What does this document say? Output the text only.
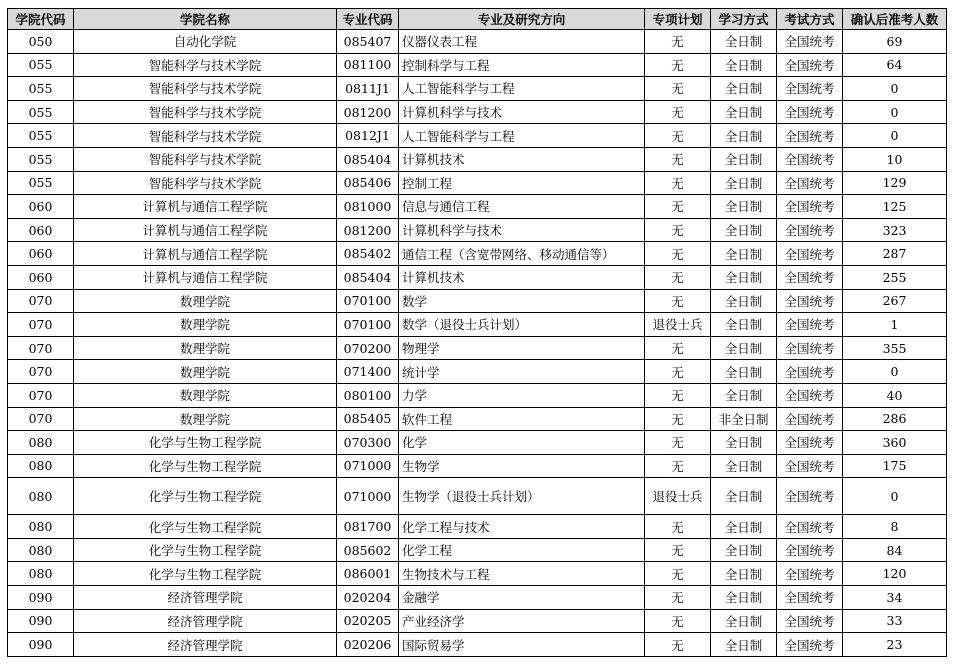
学院代码	学院名称	专业代码	专业及研究方向	专项计划	学习方式	考试方式	确认后准考人数
050	自动化学院	085407	仪器仪表工程	无	全日制	全国统考	69
055	智能科学与技术学院	081100	控制科学与工程	无	全日制	全国统考	64
055	智能科学与技术学院	0811J1	人工智能科学与工程	无	全日制	全国统考	0
055	智能科学与技术学院	081200	计算机科学与技术	无	全日制	全国统考	0
055	智能科学与技术学院	0812J1	人工智能科学与工程	无	全日制	全国统考	0
055	智能科学与技术学院	085404	计算机技术	无	全日制	全国统考	10
055	智能科学与技术学院	085406	控制工程	无	全日制	全国统考	129
060	计算机与通信工程学院	081000	信息与通信工程	无	全日制	全国统考	125
060	计算机与通信工程学院	081200	计算机科学与技术	无	全日制	全国统考	323
060	计算机与通信工程学院	085402	通信工程（含宽带网络、移动通信等）	无	全日制	全国统考	287
060	计算机与通信工程学院	085404	计算机技术	无	全日制	全国统考	255
070	数理学院	070100	数学	无	全日制	全国统考	267
070	数理学院	070100	数学（退役士兵计划）	退役士兵	全日制	全国统考	1
070	数理学院	070200	物理学	无	全日制	全国统考	355
070	数理学院	071400	统计学	无	全日制	全国统考	0
070	数理学院	080100	力学	无	全日制	全国统考	40
070	数理学院	085405	软件工程	无	非全日制	全国统考	286
080	化学与生物工程学院	070300	化学	无	全日制	全国统考	360
080	化学与生物工程学院	071000	生物学	无	全日制	全国统考	175
080	化学与生物工程学院	071000	生物学（退役士兵计划）	退役士兵	全日制	全国统考	0
080	化学与生物工程学院	081700	化学工程与技术	无	全日制	全国统考	8
080	化学与生物工程学院	085602	化学工程	无	全日制	全国统考	84
080	化学与生物工程学院	086001	生物技术与工程	无	全日制	全国统考	120
090	经济管理学院	020204	金融学	无	全日制	全国统考	34
090	经济管理学院	020205	产业经济学	无	全日制	全国统考	33
090	经济管理学院	020206	国际贸易学	无	全日制	全国统考	23
